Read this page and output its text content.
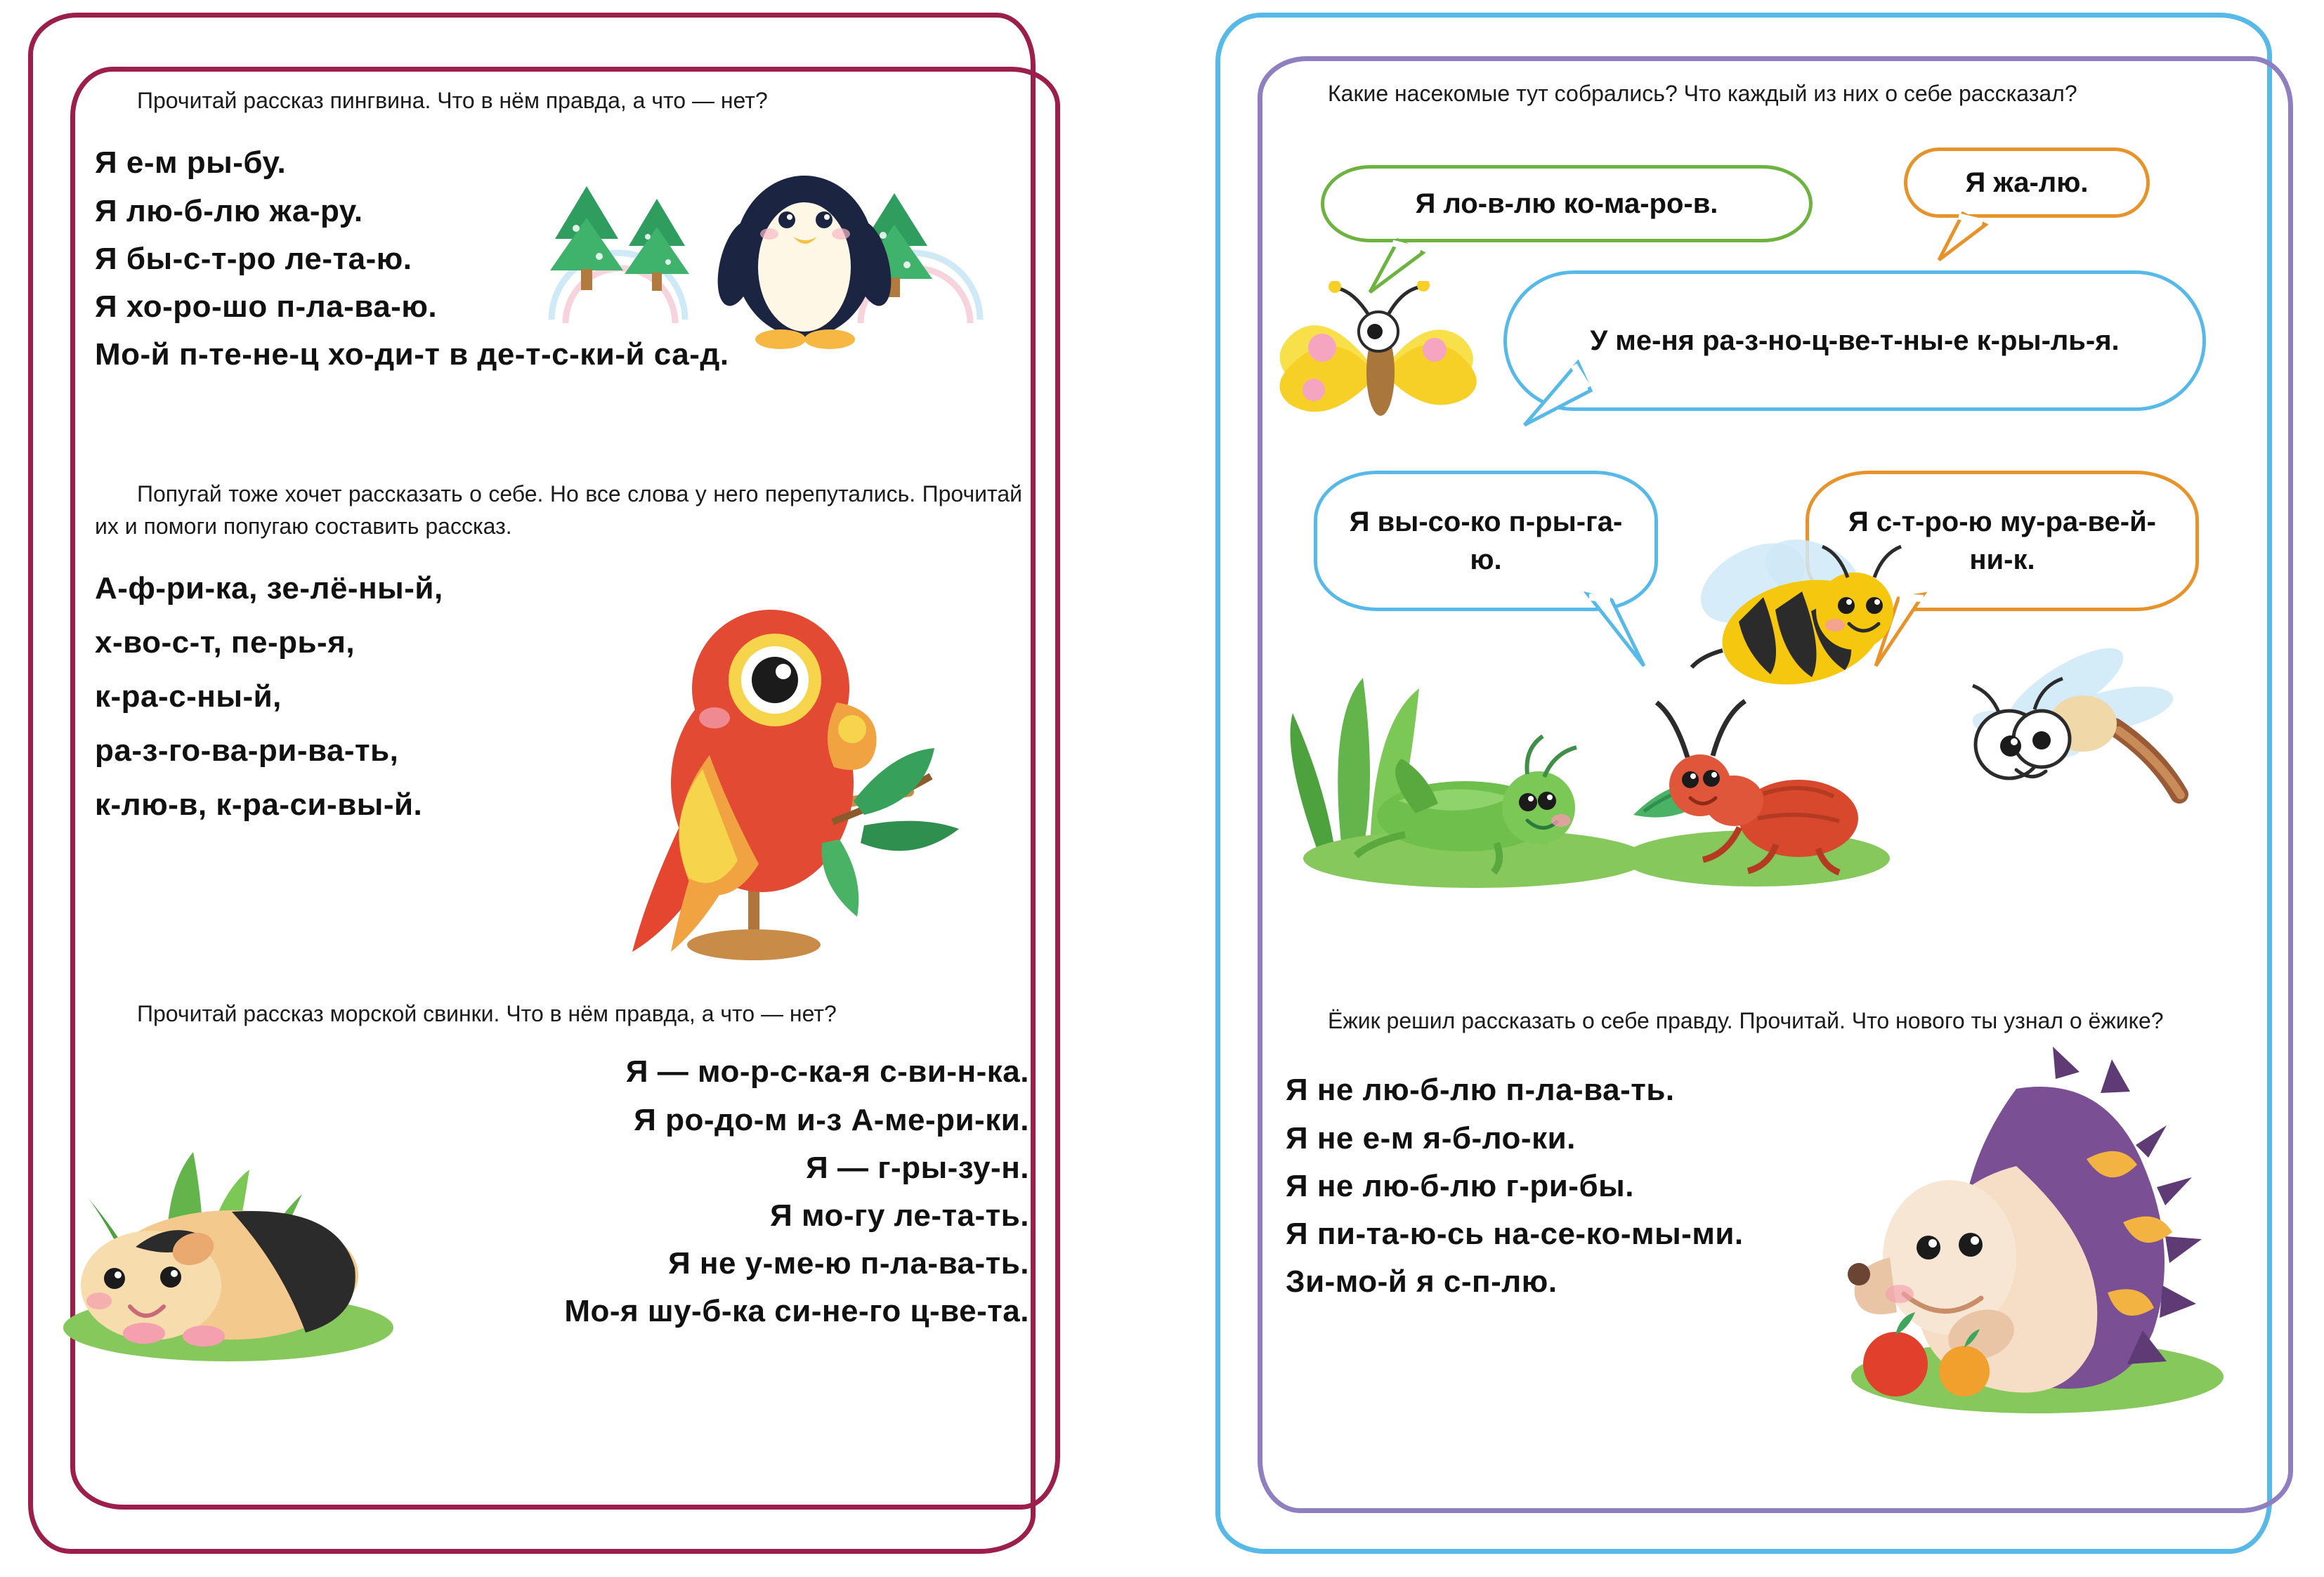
Прочитай рассказ пингвина. Что в нём правда, а что — нет?

Я е-м ры-бу.
Я лю-б-лю жа-ру.
Я бы-с-т-ро ле-та-ю.
Я хо-ро-шо п-ла-ва-ю.
Мо-й п-те-не-ц хо-ди-т в де-т-с-ки-й са-д.

Попугай тоже хочет рассказать о себе. Но все слова у него перепутались. Прочитай их и помоги попугаю составить рассказ.

А-ф-ри-ка, зе-лё-ны-й,
х-во-с-т, пе-рь-я,
к-ра-с-ны-й,
ра-з-го-ва-ри-ва-ть,
к-лю-в, к-ра-си-вы-й.

Прочитай рассказ морской свинки. Что в нём правда, а что — нет?

Я — мо-р-с-ка-я с-ви-н-ка.
Я ро-до-м и-з А-ме-ри-ки.
Я — г-ры-зу-н.
Я мо-гу ле-та-ть.
Я не у-ме-ю п-ла-ва-ть.
Мо-я шу-б-ка си-не-го ц-ве-та.

Какие насекомые тут собрались? Что каждый из них о себе рассказал?

Я ло-в-лю ко-ма-ро-в.
Я жа-лю.
У ме-ня ра-з-но-ц-ве-т-ны-е к-ры-ль-я.
Я вы-со-ко п-ры-га-ю.
Я с-т-ро-ю му-ра-ве-й-ни-к.

Ёжик решил рассказать о себе правду. Прочитай. Что нового ты узнал о ёжике?

Я не лю-б-лю п-ла-ва-ть.
Я не е-м я-б-ло-ки.
Я не лю-б-лю г-ри-бы.
Я пи-та-ю-сь на-се-ко-мы-ми.
Зи-мо-й я с-п-лю.
